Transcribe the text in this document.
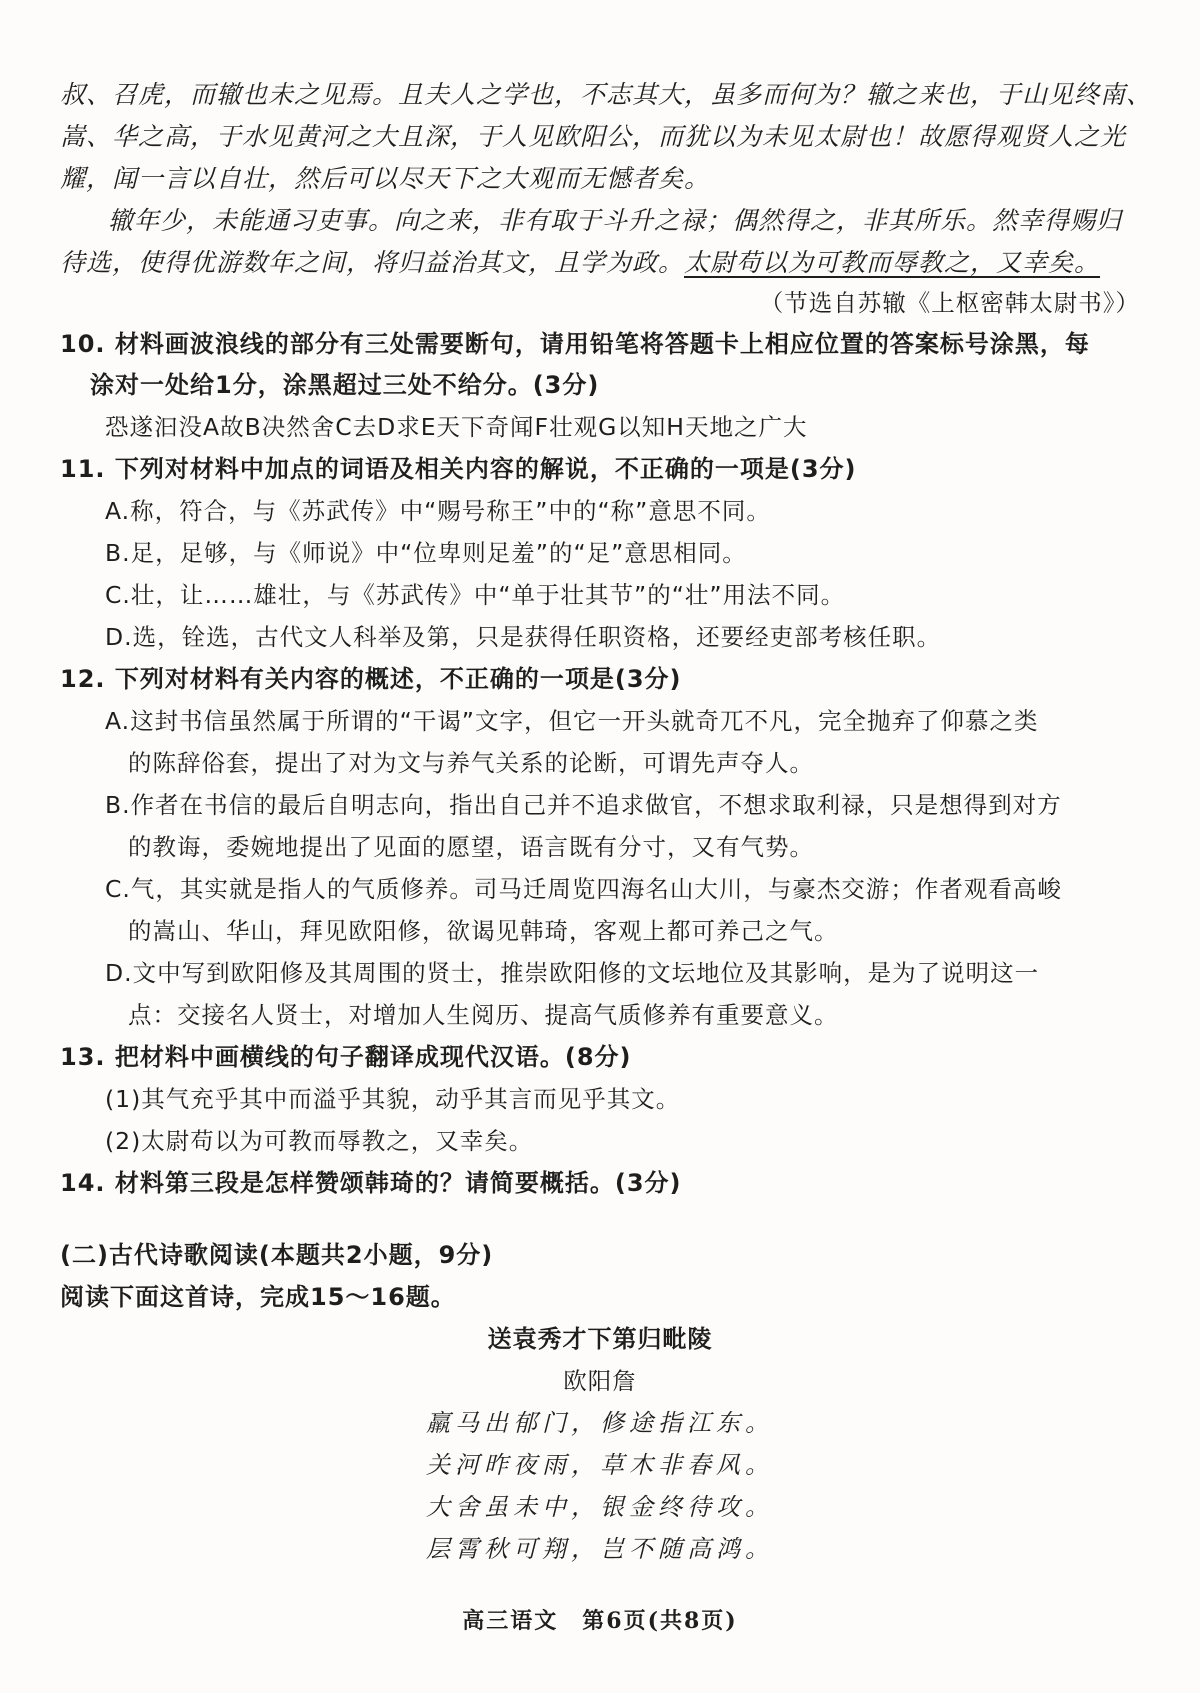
叔、召虎，而辙也未之见焉。且夫人之学也，不志其大，虽多而何为？辙之来也，于山见终南、
嵩、华之高，于水见黄河之大且深，于人见欧阳公，而犹以为未见太尉也！故愿得观贤人之光
耀，闻一言以自壮，然后可以尽天下之大观而无憾者矣。
辙年少，未能通习吏事。向之来，非有取于斗升之禄；偶然得之，非其所乐。然幸得赐归
待选，使得优游数年之间，将归益治其文，且学为政。太尉苟以为可教而辱教之，又幸矣。
（节选自苏辙《上枢密韩太尉书》）
10. 材料画波浪线的部分有三处需要断句，请用铅笔将答题卡上相应位置的答案标号涂黑，每
涂对一处给1分，涂黑超过三处不给分。(3分)
恐遂汩没A故B决然舍C去D求E天下奇闻F壮观G以知H天地之广大
11. 下列对材料中加点的词语及相关内容的解说，不正确的一项是(3分)
A.称，符合，与《苏武传》中“赐号称王”中的“称”意思不同。
B.足，足够，与《师说》中“位卑则足羞”的“足”意思相同。
C.壮，让……雄壮，与《苏武传》中“单于壮其节”的“壮”用法不同。
D.选，铨选，古代文人科举及第，只是获得任职资格，还要经吏部考核任职。
12. 下列对材料有关内容的概述，不正确的一项是(3分)
A.这封书信虽然属于所谓的“干谒”文字，但它一开头就奇兀不凡，完全抛弃了仰慕之类
的陈辞俗套，提出了对为文与养气关系的论断，可谓先声夺人。
B.作者在书信的最后自明志向，指出自己并不追求做官，不想求取利禄，只是想得到对方
的教诲，委婉地提出了见面的愿望，语言既有分寸，又有气势。
C.气，其实就是指人的气质修养。司马迁周览四海名山大川，与豪杰交游；作者观看高峻
的嵩山、华山，拜见欧阳修，欲谒见韩琦，客观上都可养己之气。
D.文中写到欧阳修及其周围的贤士，推崇欧阳修的文坛地位及其影响，是为了说明这一
点：交接名人贤士，对增加人生阅历、提高气质修养有重要意义。
13. 把材料中画横线的句子翻译成现代汉语。(8分)
(1)其气充乎其中而溢乎其貌，动乎其言而见乎其文。
(2)太尉苟以为可教而辱教之，又幸矣。
14. 材料第三段是怎样赞颂韩琦的？请简要概括。(3分)
(二)古代诗歌阅读(本题共2小题，9分)
阅读下面这首诗，完成15～16题。
送袁秀才下第归毗陵
欧阳詹
羸马出郁门，修途指江东。
关河昨夜雨，草木非春风。
大舍虽未中，银金终待攻。
层霄秋可翔，岂不随高鸿。
高三语文　第6页(共8页)
